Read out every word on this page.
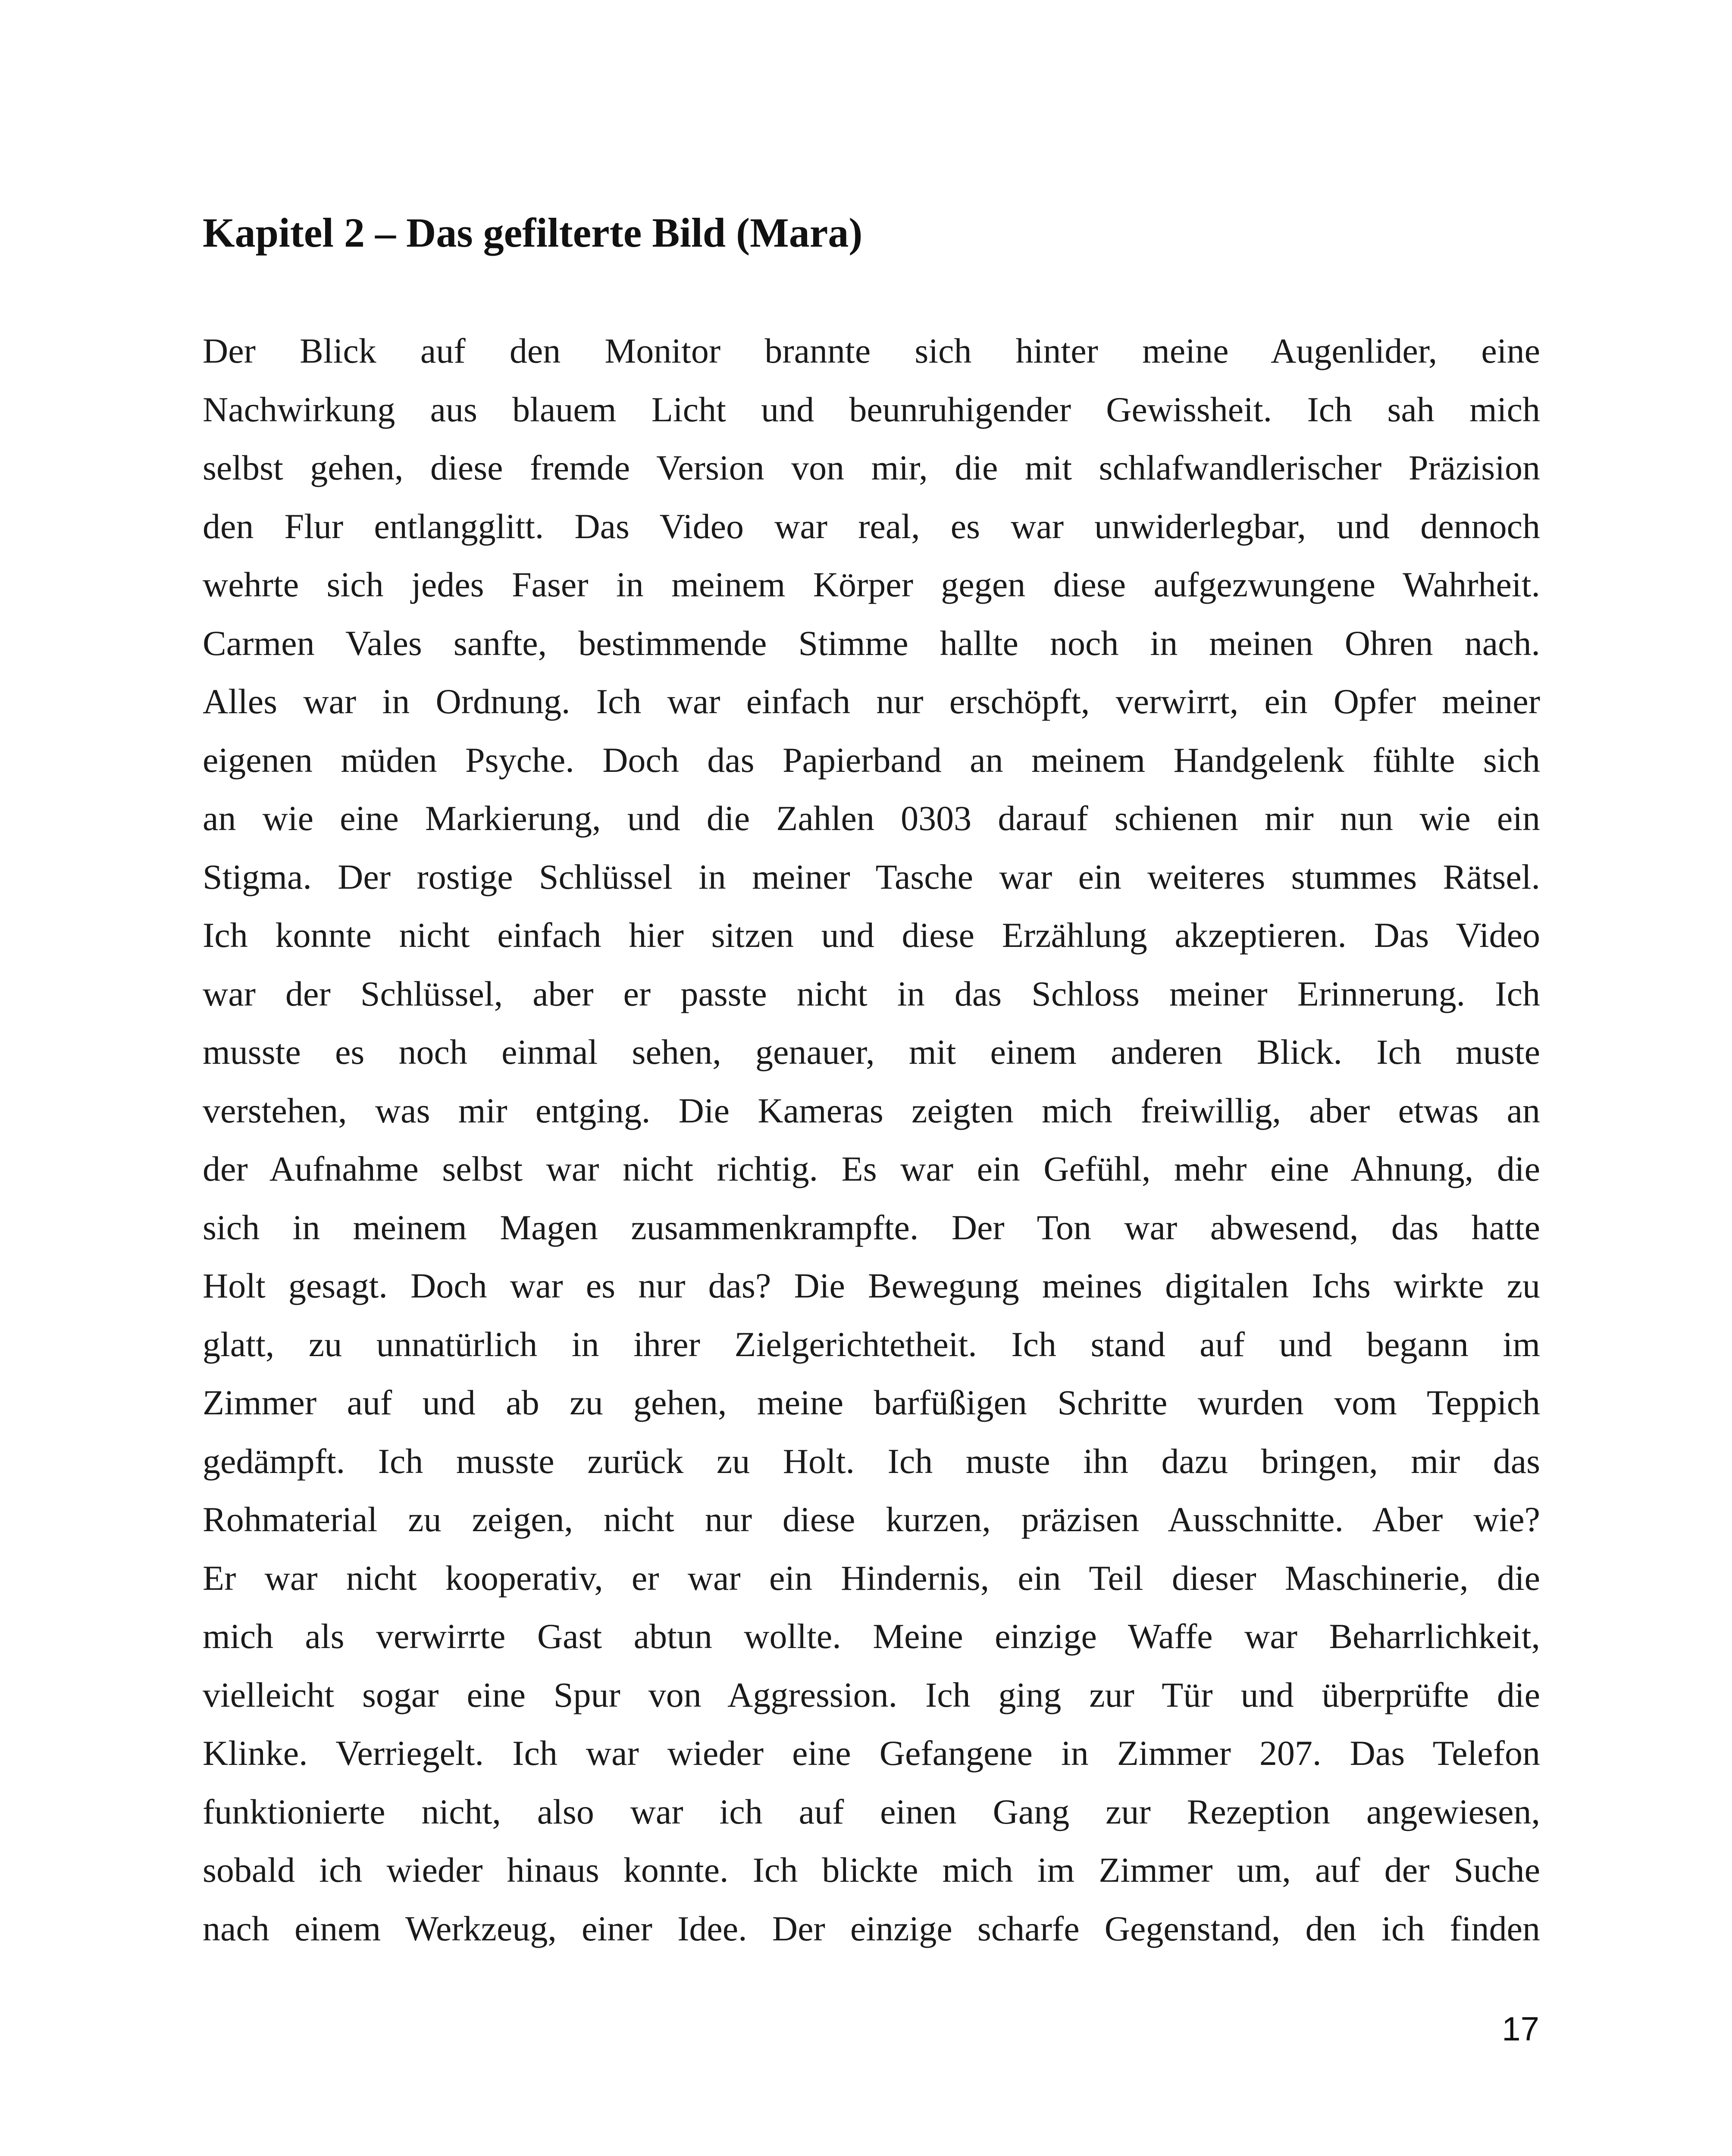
Kapitel 2 – Das gefilterte Bild (Mara)
Der Blick auf den Monitor brannte sich hinter meine Augenlider, eine
Nachwirkung aus blauem Licht und beunruhigender Gewissheit. Ich sah mich
selbst gehen, diese fremde Version von mir, die mit schlafwandlerischer Präzision
den Flur entlangglitt. Das Video war real, es war unwiderlegbar, und dennoch
wehrte sich jedes Faser in meinem Körper gegen diese aufgezwungene Wahrheit.
Carmen Vales sanfte, bestimmende Stimme hallte noch in meinen Ohren nach.
Alles war in Ordnung. Ich war einfach nur erschöpft, verwirrt, ein Opfer meiner
eigenen müden Psyche. Doch das Papierband an meinem Handgelenk fühlte sich
an wie eine Markierung, und die Zahlen 0303 darauf schienen mir nun wie ein
Stigma. Der rostige Schlüssel in meiner Tasche war ein weiteres stummes Rätsel.
Ich konnte nicht einfach hier sitzen und diese Erzählung akzeptieren. Das Video
war der Schlüssel, aber er passte nicht in das Schloss meiner Erinnerung. Ich
musste es noch einmal sehen, genauer, mit einem anderen Blick. Ich muste
verstehen, was mir entging. Die Kameras zeigten mich freiwillig, aber etwas an
der Aufnahme selbst war nicht richtig. Es war ein Gefühl, mehr eine Ahnung, die
sich in meinem Magen zusammenkrampfte. Der Ton war abwesend, das hatte
Holt gesagt. Doch war es nur das? Die Bewegung meines digitalen Ichs wirkte zu
glatt, zu unnatürlich in ihrer Zielgerichtetheit. Ich stand auf und begann im
Zimmer auf und ab zu gehen, meine barfüßigen Schritte wurden vom Teppich
gedämpft. Ich musste zurück zu Holt. Ich muste ihn dazu bringen, mir das
Rohmaterial zu zeigen, nicht nur diese kurzen, präzisen Ausschnitte. Aber wie?
Er war nicht kooperativ, er war ein Hindernis, ein Teil dieser Maschinerie, die
mich als verwirrte Gast abtun wollte. Meine einzige Waffe war Beharrlichkeit,
vielleicht sogar eine Spur von Aggression. Ich ging zur Tür und überprüfte die
Klinke. Verriegelt. Ich war wieder eine Gefangene in Zimmer 207. Das Telefon
funktionierte nicht, also war ich auf einen Gang zur Rezeption angewiesen,
sobald ich wieder hinaus konnte. Ich blickte mich im Zimmer um, auf der Suche
nach einem Werkzeug, einer Idee. Der einzige scharfe Gegenstand, den ich finden
17
